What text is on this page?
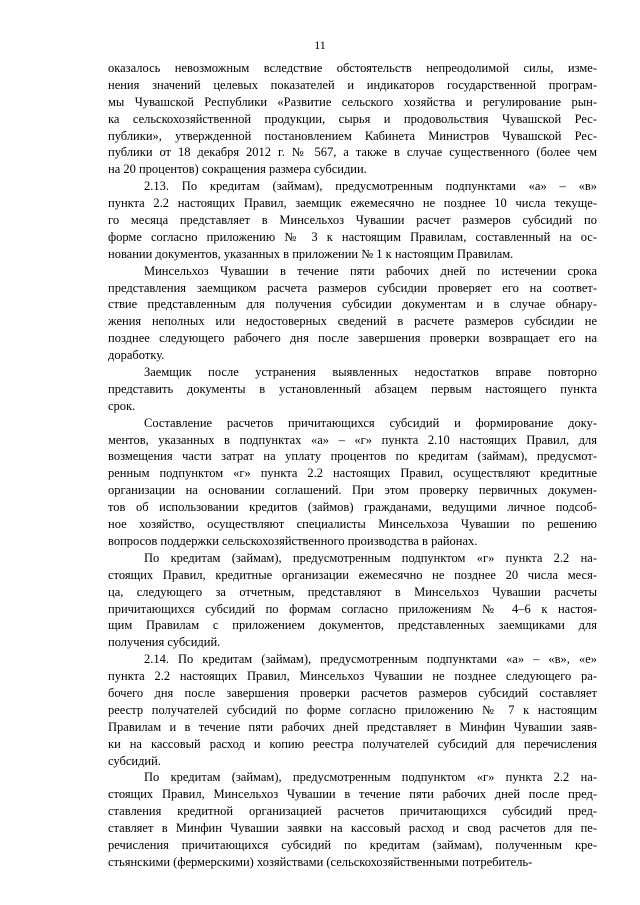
11
оказалось невозможным вследствие обстоятельств непреодолимой силы, изме-
нения значений целевых показателей и индикаторов государственной програм-
мы Чувашской Республики «Развитие сельского хозяйства и регулирование рын-
ка сельскохозяйственной продукции, сырья и продовольствия Чувашской Рес-
публики», утвержденной постановлением Кабинета Министров Чувашской Рес-
публики от 18 декабря 2012 г. № 567, а также в случае существенного (более чем
на 20 процентов) сокращения размера субсидии.
2.13. По кредитам (займам), предусмотренным подпунктами «а» – «в»
пункта 2.2 настоящих Правил, заемщик ежемесячно не позднее 10 числа текуще-
го месяца представляет в Минсельхоз Чувашии расчет размеров субсидий по
форме согласно приложению № 3 к настоящим Правилам, составленный на ос-
новании документов, указанных в приложении № 1 к настоящим Правилам.
Минсельхоз Чувашии в течение пяти рабочих дней по истечении срока
представления заемщиком расчета размеров субсидии проверяет его на соответ-
ствие представленным для получения субсидии документам и в случае обнару-
жения неполных или недостоверных сведений в расчете размеров субсидии не
позднее следующего рабочего дня после завершения проверки возвращает его на
доработку.
Заемщик после устранения выявленных недостатков вправе повторно
представить документы в установленный абзацем первым настоящего пункта
срок.
Составление расчетов причитающихся субсидий и формирование доку-
ментов, указанных в подпунктах «а» – «г» пункта 2.10 настоящих Правил, для
возмещения части затрат на уплату процентов по кредитам (займам), предусмот-
ренным подпунктом «г» пункта 2.2 настоящих Правил, осуществляют кредитные
организации на основании соглашений. При этом проверку первичных докумен-
тов об использовании кредитов (займов) гражданами, ведущими личное подсоб-
ное хозяйство, осуществляют специалисты Минсельхоза Чувашии по решению
вопросов поддержки сельскохозяйственного производства в районах.
По кредитам (займам), предусмотренным подпунктом «г» пункта 2.2 на-
стоящих Правил, кредитные организации ежемесячно не позднее 20 числа меся-
ца, следующего за отчетным, представляют в Минсельхоз Чувашии расчеты
причитающихся субсидий по формам согласно приложениям № 4–6 к настоя-
щим Правилам с приложением документов, представленных заемщиками для
получения субсидий.
2.14. По кредитам (займам), предусмотренным подпунктами «а» – «в», «е»
пункта 2.2 настоящих Правил, Минсельхоз Чувашии не позднее следующего ра-
бочего дня после завершения проверки расчетов размеров субсидий составляет
реестр получателей субсидий по форме согласно приложению № 7 к настоящим
Правилам и в течение пяти рабочих дней представляет в Минфин Чувашии заяв-
ки на кассовый расход и копию реестра получателей субсидий для перечисления
субсидий.
По кредитам (займам), предусмотренным подпунктом «г» пункта 2.2 на-
стоящих Правил, Минсельхоз Чувашии в течение пяти рабочих дней после пред-
ставления кредитной организацией расчетов причитающихся субсидий пред-
ставляет в Минфин Чувашии заявки на кассовый расход и свод расчетов для пе-
речисления причитающихся субсидий по кредитам (займам), полученным кре-
стьянскими (фермерскими) хозяйствами (сельскохозяйственными потребитель-
